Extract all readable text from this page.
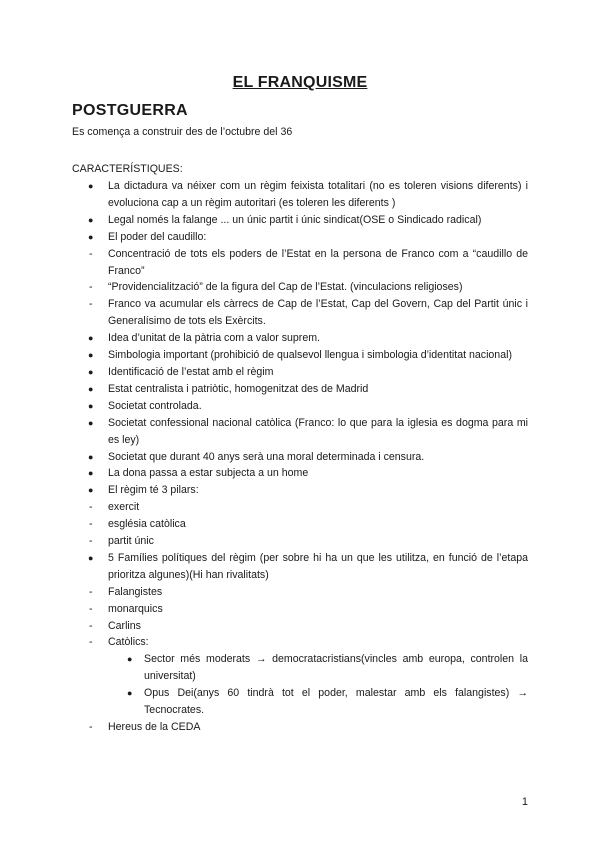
EL FRANQUISME
POSTGUERRA

Es comença a construir des de l’octubre del 36

CARACTERÍSTIQUES:

●	La dictadura va néixer com un règim feixista totalitari (no es toleren visions diferents) i evoluciona cap a un règim autoritari (es toleren les diferents )
●	Legal només la falange ... un únic partit i únic sindicat(OSE o Sindicado radical)
●	El poder del caudillo:
-	Concentració de tots els poders de l’Estat en la persona de Franco com a “caudillo de Franco”
-	“Providencialització” de la figura del Cap de l’Estat. (vinculacions religioses)
-	Franco va acumular els càrrecs de Cap de l’Estat, Cap del Govern, Cap del Partit únic i Generalísimo de tots els Exèrcits.
●	Idea d’unitat de la pàtria com a valor suprem.
●	Simbologia important (prohibició de qualsevol llengua i simbologia d’identitat nacional)
●	Identificació de l’estat amb el règim
●	Estat centralista i patriòtic, homogenitzat des de Madrid
●	Societat controlada.
●	Societat confessional nacional catòlica (Franco: lo que para la iglesia es dogma para mi es ley)
●	Societat que durant 40 anys serà una moral determinada i censura.
●	La dona passa a estar subjecta a un home
●	El règim té 3 pilars:
-	exercit
-	església catòlica
-	partit únic
●	5 Famílies polítiques del règim (per sobre hi ha un que les utilitza, en funció de l’etapa prioritza algunes)(Hi han rivalitats)
-	Falangistes
-	monarquics
-	Carlins
-	Catòlics:
●	Sector més moderats → democratacristians(vincles amb europa, controlen la universitat)
●	Opus Dei(anys 60 tindrà tot el poder, malestar amb els falangistes) → Tecnocrates.
-	Hereus de la CEDA
1
